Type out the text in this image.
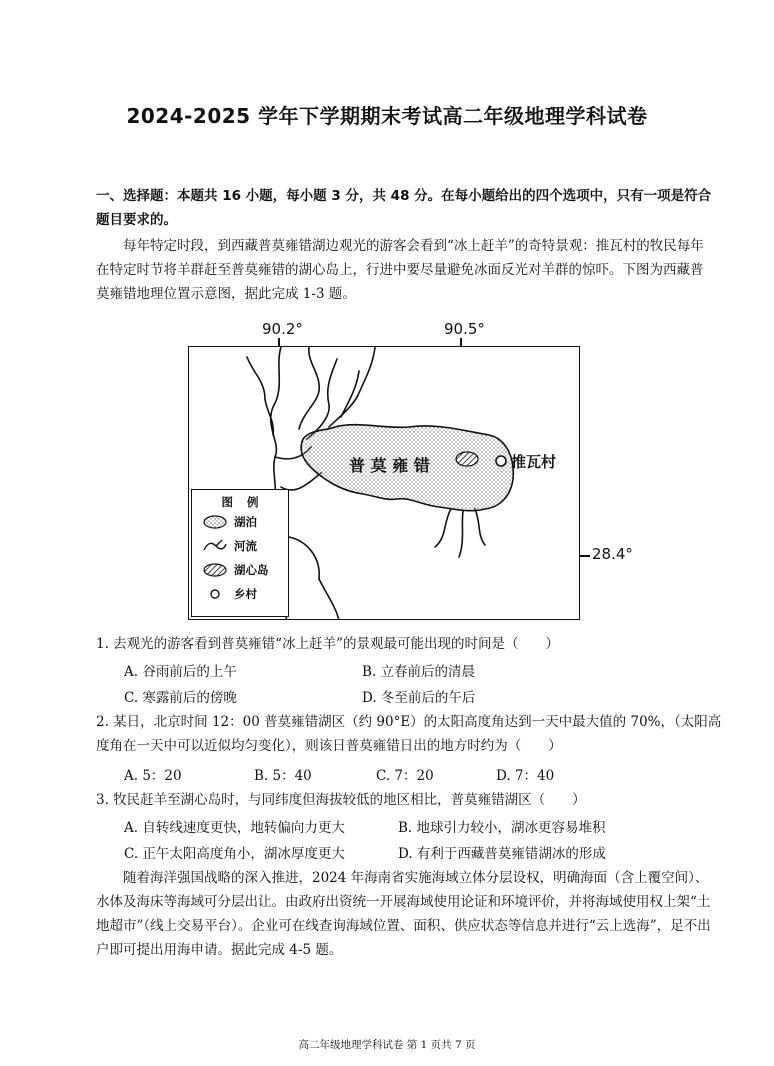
2024-2025 学年下学期期末考试高二年级地理学科试卷
一、选择题：本题共 16 小题，每小题 3 分，共 48 分。在每小题给出的四个选项中，只有一项是符合题目要求的。
每年特定时段，到西藏普莫雍错湖边观光的游客会看到“冰上赶羊”的奇特景观：推瓦村的牧民每年在特定时节将羊群赶至普莫雍错的湖心岛上，行进中要尽量避免冰面反光对羊群的惊吓。下图为西藏普莫雍错地理位置示意图，据此完成 1-3 题。
90.2°	90.5°
28.4°
普 莫 雍 错	推瓦村
图例
湖泊
河流
湖心岛
乡村
1. 去观光的游客看到普莫雍错“冰上赶羊”的景观最可能出现的时间是（　　）
A. 谷雨前后的上午	B. 立春前后的清晨
C. 寒露前后的傍晚	D. 冬至前后的午后
2. 某日，北京时间 12：00 普莫雍错湖区（约 90°E）的太阳高度角达到一天中最大值的 70%，（太阳高度角在一天中可以近似均匀变化），则该日普莫雍错日出的地方时约为（　　）
A. 5：20	B. 5：40	C. 7：20	D. 7：40
3. 牧民赶羊至湖心岛时，与同纬度但海拔较低的地区相比，普莫雍错湖区（　　）
A. 自转线速度更快，地转偏向力更大	B. 地球引力较小，湖冰更容易堆积
C. 正午太阳高度角小，湖冰厚度更大	D. 有利于西藏普莫雍错湖冰的形成
随着海洋强国战略的深入推进，2024 年海南省实施海域立体分层设权，明确海面（含上覆空间）、水体及海床等海域可分层出让。由政府出资统一开展海域使用论证和环境评价，并将海域使用权上架“土地超市”（线上交易平台）。企业可在线查询海域位置、面积、供应状态等信息并进行“云上选海”，足不出户即可提出用海申请。据此完成 4-5 题。
高二年级地理学科试卷 第 1 页共 7 页
